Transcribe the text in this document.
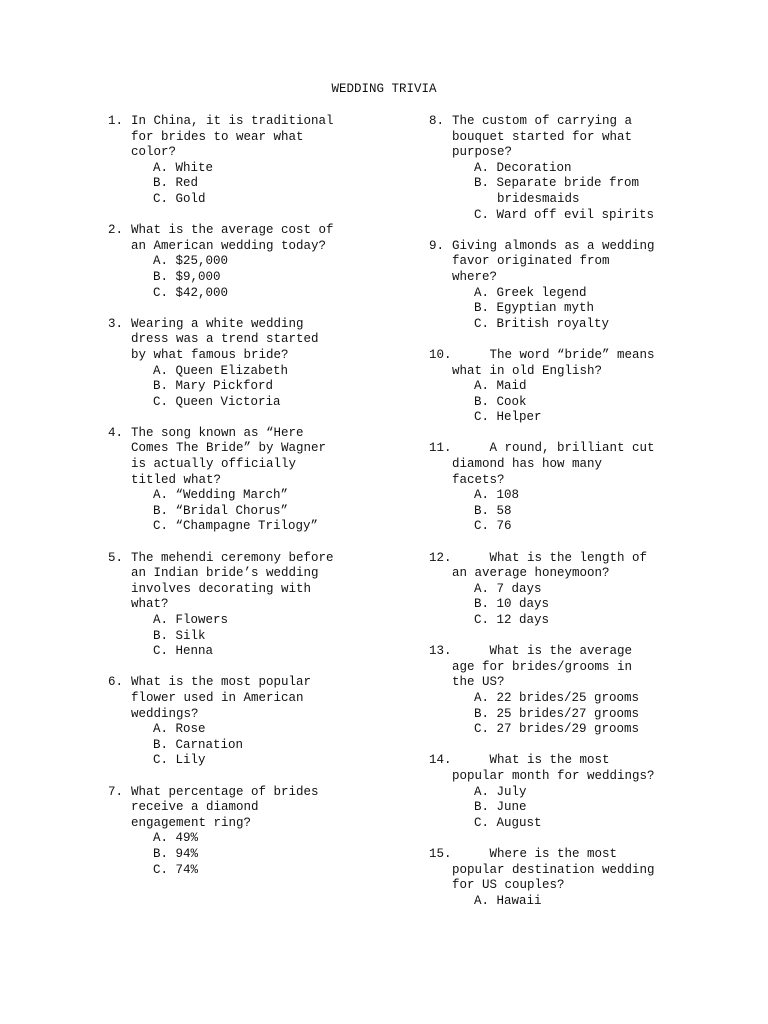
WEDDING TRIVIA
1. In China, it is traditional
for brides to wear what
color?
A. White
B. Red
C. Gold
2. What is the average cost of
an American wedding today?
A. $25,000
B. $9,000
C. $42,000
3. Wearing a white wedding
dress was a trend started
by what famous bride?
A. Queen Elizabeth
B. Mary Pickford
C. Queen Victoria
4. The song known as “Here
Comes The Bride” by Wagner
is actually officially
titled what?
A. “Wedding March”
B. “Bridal Chorus”
C. “Champagne Trilogy”
5. The mehendi ceremony before
an Indian bride’s wedding
involves decorating with
what?
A. Flowers
B. Silk
C. Henna
6. What is the most popular
flower used in American
weddings?
A. Rose
B. Carnation
C. Lily
7. What percentage of brides
receive a diamond
engagement ring?
A. 49%
B. 94%
C. 74%
8. The custom of carrying a
bouquet started for what
purpose?
A. Decoration
B. Separate bride from
bridesmaids
C. Ward off evil spirits
9. Giving almonds as a wedding
favor originated from
where?
A. Greek legend
B. Egyptian myth
C. British royalty
10. The word “bride” means
what in old English?
A. Maid
B. Cook
C. Helper
11. A round, brilliant cut
diamond has how many
facets?
A. 108
B. 58
C. 76
12. What is the length of
an average honeymoon?
A. 7 days
B. 10 days
C. 12 days
13. What is the average
age for brides/grooms in
the US?
A. 22 brides/25 grooms
B. 25 brides/27 grooms
C. 27 brides/29 grooms
14. What is the most
popular month for weddings?
A. July
B. June
C. August
15. Where is the most
popular destination wedding
for US couples?
A. Hawaii
